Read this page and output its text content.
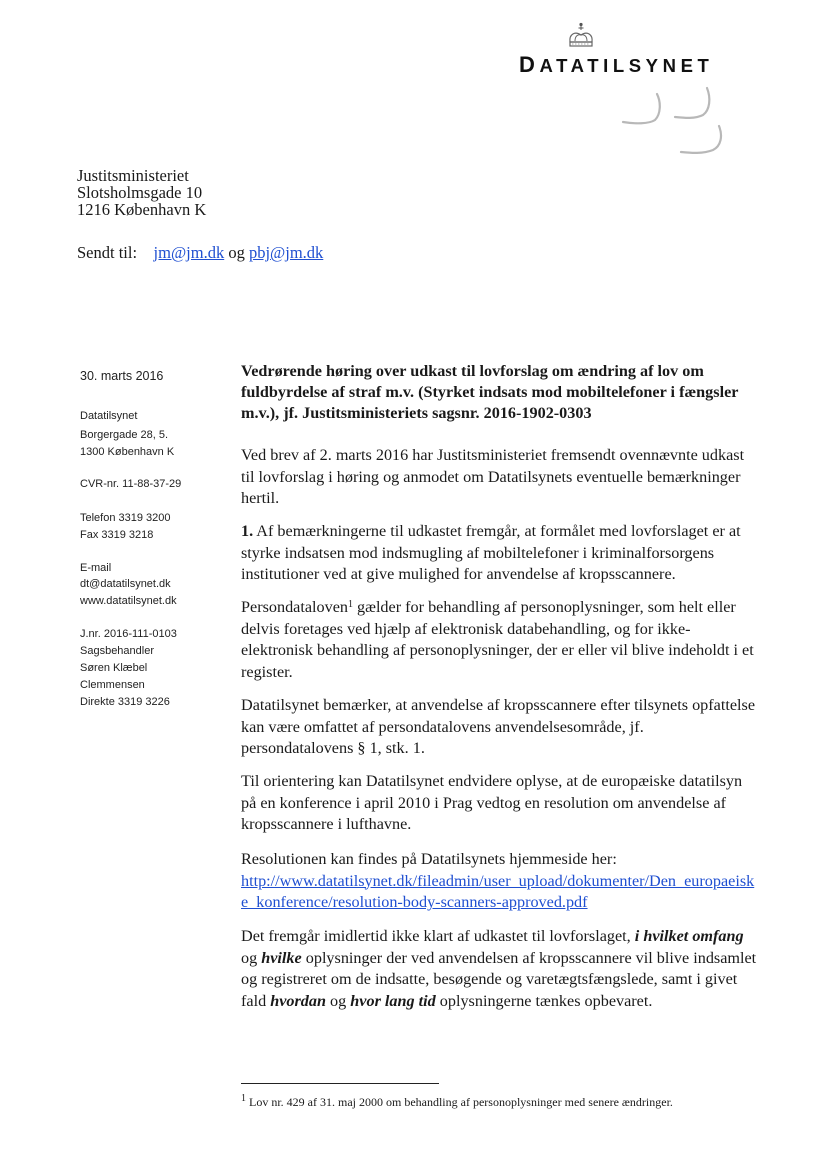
DATATILSYNET
Justitsministeriet
Slotsholmsgade 10
1216 København K
Sendt til: jm@jm.dk og pbj@jm.dk
30. marts 2016
Datatilsynet
Borgergade 28, 5.
1300 København K
CVR-nr. 11-88-37-29
Telefon 3319 3200
Fax 3319 3218
E-mail
dt@datatilsynet.dk
www.datatilsynet.dk
J.nr. 2016-111-0103
Sagsbehandler
Søren Klæbel
Clemmensen
Direkte 3319 3226
Vedrørende høring over udkast til lovforslag om ændring af lov om fuldbyrdelse af straf m.v. (Styrket indsats mod mobiltelefoner i fængsler m.v.), jf. Justitsministeriets sagsnr. 2016-1902-0303

Ved brev af 2. marts 2016 har Justitsministeriet fremsendt ovennævnte udkast til lovforslag i høring og anmodet om Datatilsynets eventuelle bemærkninger hertil.

1. Af bemærkningerne til udkastet fremgår, at formålet med lovforslaget er at styrke indsatsen mod indsmugling af mobiltelefoner i kriminalforsorgens institutioner ved at give mulighed for anvendelse af kropsscannere.

Persondataloven$^1$ gælder for behandling af personoplysninger, som helt eller delvis foretages ved hjælp af elektronisk databehandling, og for ikke-elektronisk behandling af personoplysninger, der er eller vil blive indeholdt i et register.

Datatilsynet bemærker, at anvendelse af kropsscannere efter tilsynets opfattelse kan være omfattet af persondatalovens anvendelsesområde, jf. persondatalovens § 1, stk. 1.

Til orientering kan Datatilsynet endvidere oplyse, at de europæiske datatilsyn på en konference i april 2010 i Prag vedtog en resolution om anvendelse af kropsscannere i lufthavne.

Resolutionen kan findes på Datatilsynets hjemmeside her:

http://www.datatilsynet.dk/fileadmin/user_upload/dokumenter/Den_europaeiske_konference/resolution-body-scanners-approved.pdf

Det fremgår imidlertid ikke klart af udkastet til lovforslaget, i hvilket omfang og hvilke oplysninger der ved anvendelsen af kropsscannere vil blive indsamlet og registreret om de indsatte, besøgende og varetægtsfængslede, samt i givet fald hvordan og hvor lang tid oplysningerne tænkes opbevaret.

$^1$ Lov nr. 429 af 31. maj 2000 om behandling af personoplysninger med senere ændringer.
